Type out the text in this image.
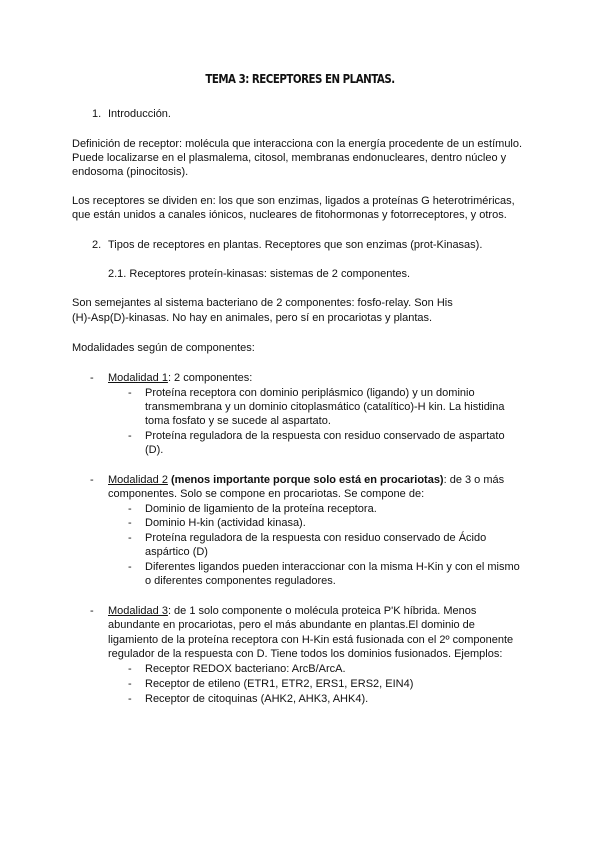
TEMA 3: RECEPTORES EN PLANTAS.
1. Introducción.
Definición de receptor: molécula que interacciona con la energía procedente de un estímulo.
Puede localizarse en el plasmalema, citosol, membranas endonucleares, dentro núcleo y
endosoma (pinocitosis).
Los receptores se dividen en: los que son enzimas, ligados a proteínas G heterotriméricas,
que están unidos a canales iónicos, nucleares de fitohormonas y fotorreceptores, y otros.
2. Tipos de receptores en plantas. Receptores que son enzimas (prot-Kinasas).
2.1. Receptores proteín-kinasas: sistemas de 2 componentes.
Son semejantes al sistema bacteriano de 2 componentes: fosfo-relay. Son His
(H)-Asp(D)-kinasas. No hay en animales, pero sí en procariotas y plantas.
Modalidades según de componentes:
- Modalidad 1: 2 componentes:
- Proteína receptora con dominio periplásmico (ligando) y un dominio
transmembrana y un dominio citoplasmático (catalítico)-H kin. La histidina
toma fosfato y se sucede al aspartato.
- Proteína reguladora de la respuesta con residuo conservado de aspartato
(D).
- Modalidad 2 (menos importante porque solo está en procariotas): de 3 o más
componentes. Solo se compone en procariotas. Se compone de:
- Dominio de ligamiento de la proteína receptora.
- Dominio H-kin (actividad kinasa).
- Proteína reguladora de la respuesta con residuo conservado de Ácido
aspártico (D)
- Diferentes ligandos pueden interaccionar con la misma H-Kin y con el mismo
o diferentes componentes reguladores.
- Modalidad 3: de 1 solo componente o molécula proteica P'K híbrida. Menos
abundante en procariotas, pero el más abundante en plantas.El dominio de
ligamiento de la proteína receptora con H-Kin está fusionada con el 2º componente
regulador de la respuesta con D. Tiene todos los dominios fusionados. Ejemplos:
- Receptor REDOX bacteriano: ArcB/ArcA.
- Receptor de etileno (ETR1, ETR2, ERS1, ERS2, EIN4)
- Receptor de citoquinas (AHK2, AHK3, AHK4).
